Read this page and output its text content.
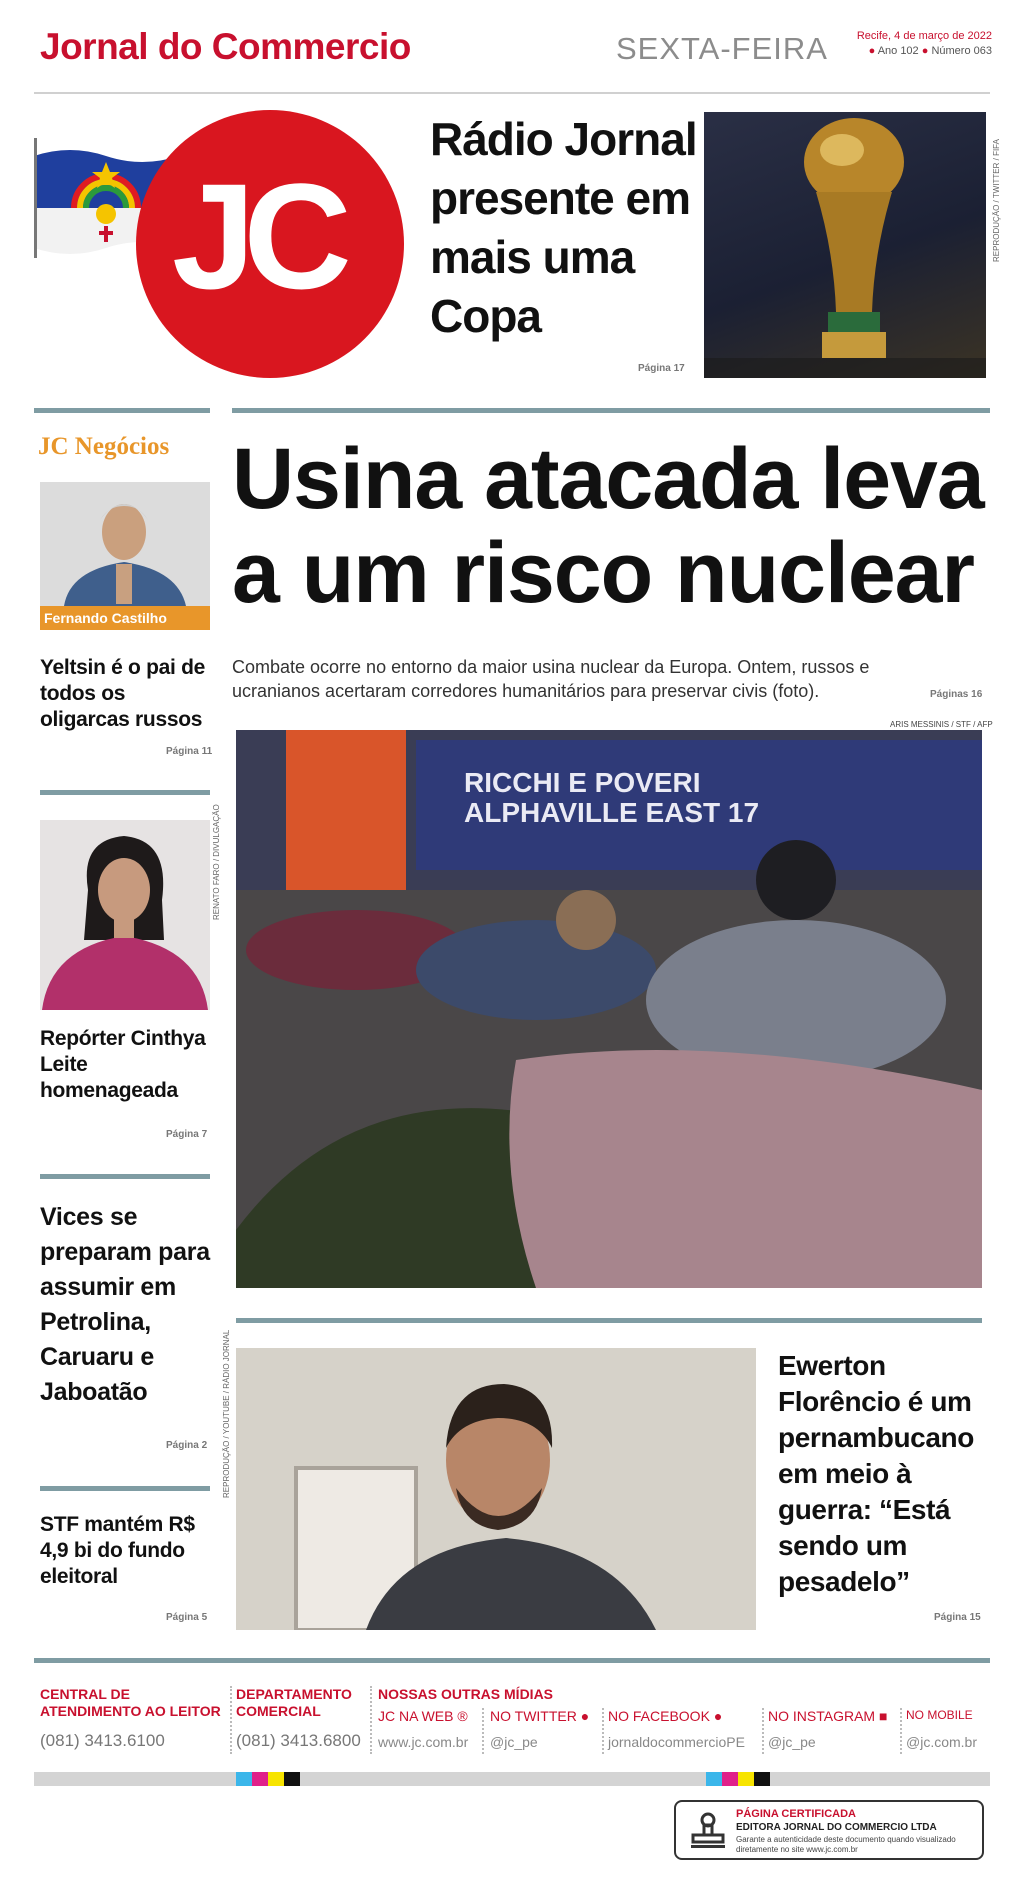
Jornal do Commercio	SEXTA-FEIRA	Recife, 4 de março de 2022
● Ano 102 ● Número 063
JC
Rádio Jornal presente em mais uma Copa
Página 17
REPRODUÇÃO / TWITTER / FIFA
JC Negócios
Fernando Castilho
Yeltsin é o pai de todos os oligarcas russos
Página 11
RENATO FARO / DIVULGAÇÃO
Repórter Cinthya Leite homenageada
Página 7
Vices se preparam para assumir em Petrolina, Caruaru e Jaboatão
Página 2
STF mantém R$ 4,9 bi do fundo eleitoral
Página 5
Usina atacada leva a um risco nuclear
Combate ocorre no entorno da maior usina nuclear da Europa. Ontem, russos e ucranianos acertaram corredores humanitários para preservar civis (foto).	Páginas 16
ARIS MESSINIS / STF / AFP
RICCHI E POVERI ALPHAVILLE EAST 17
REPRODUÇÃO / YOUTUBE / RÁDIO JORNAL	Ewerton Florêncio é um pernambucano em meio à guerra: “Está sendo um pesadelo”
Página 15
CENTRAL DE ATENDIMENTO AO LEITOR
(081) 3413.6100
DEPARTAMENTO COMERCIAL
(081) 3413.6800
NOSSAS OUTRAS MÍDIAS
JC NA WEB ®
www.jc.com.br
NO TWITTER ●
@jc_pe
NO FACEBOOK ●
jornaldocommercioPE
NO INSTAGRAM ■
@jc_pe
NO MOBILE
@jc.com.br
PÁGINA CERTIFICADA
EDITORA JORNAL DO COMMERCIO LTDA
Garante a autenticidade deste documento quando visualizado diretamente no site www.jc.com.br
